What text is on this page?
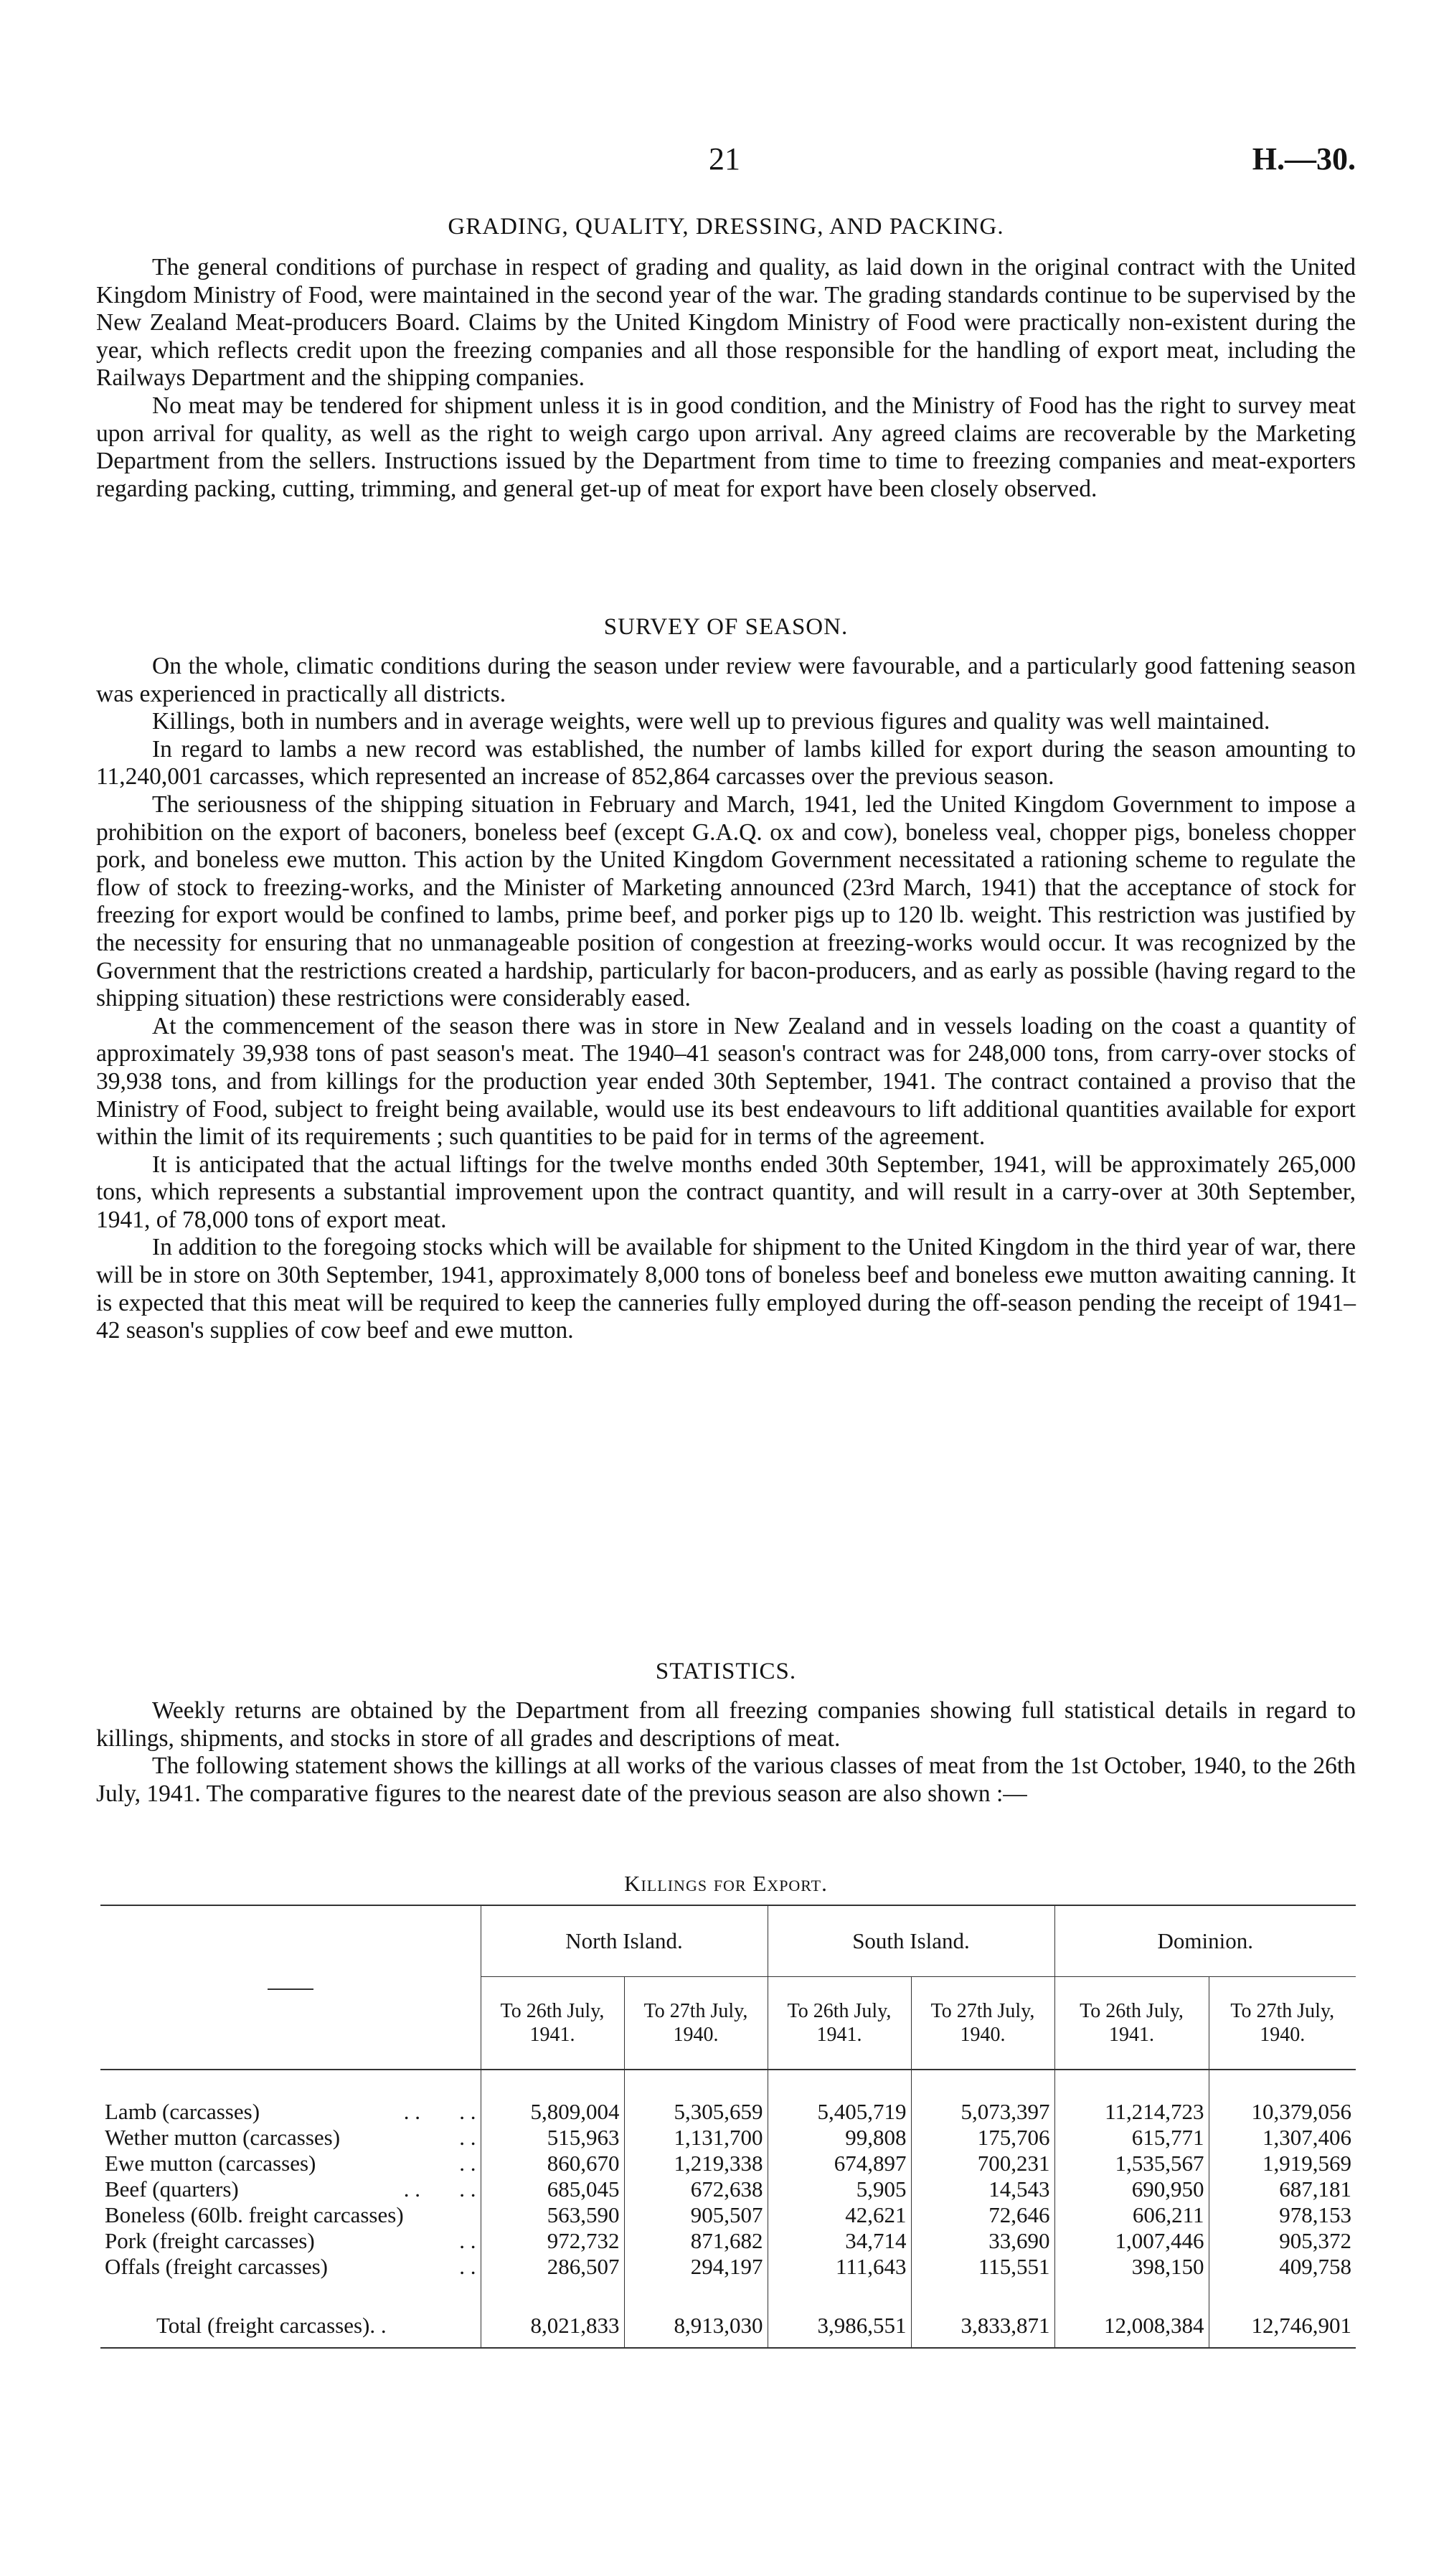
21	H.—30.
GRADING, QUALITY, DRESSING, AND PACKING.

The general conditions of purchase in respect of grading and quality, as laid down in the original contract with the United Kingdom Ministry of Food, were maintained in the second year of the war. The grading standards continue to be supervised by the New Zealand Meat-producers Board. Claims by the United Kingdom Ministry of Food were practically non-existent during the year, which reflects credit upon the freezing companies and all those responsible for the handling of export meat, including the Railways Department and the shipping companies.

No meat may be tendered for shipment unless it is in good condition, and the Ministry of Food has the right to survey meat upon arrival for quality, as well as the right to weigh cargo upon arrival. Any agreed claims are recoverable by the Marketing Department from the sellers. Instructions issued by the Department from time to time to freezing companies and meat-exporters regarding packing, cutting, trimming, and general get-up of meat for export have been closely observed.

SURVEY OF SEASON.

On the whole, climatic conditions during the season under review were favourable, and a particularly good fattening season was experienced in practically all districts.

Killings, both in numbers and in average weights, were well up to previous figures and quality was well maintained.

In regard to lambs a new record was established, the number of lambs killed for export during the season amounting to 11,240,001 carcasses, which represented an increase of 852,864 carcasses over the previous season.

The seriousness of the shipping situation in February and March, 1941, led the United Kingdom Government to impose a prohibition on the export of baconers, boneless beef (except G.A.Q. ox and cow), boneless veal, chopper pigs, boneless chopper pork, and boneless ewe mutton. This action by the United Kingdom Government necessitated a rationing scheme to regulate the flow of stock to freezing-works, and the Minister of Marketing announced (23rd March, 1941) that the acceptance of stock for freezing for export would be confined to lambs, prime beef, and porker pigs up to 120 lb. weight. This restriction was justified by the necessity for ensuring that no unmanageable position of congestion at freezing-works would occur. It was recognized by the Government that the restrictions created a hardship, particularly for bacon-producers, and as early as possible (having regard to the shipping situation) these restrictions were considerably eased.

At the commencement of the season there was in store in New Zealand and in vessels loading on the coast a quantity of approximately 39,938 tons of past season's meat. The 1940–41 season's contract was for 248,000 tons, from carry-over stocks of 39,938 tons, and from killings for the production year ended 30th September, 1941. The contract contained a proviso that the Ministry of Food, subject to freight being available, would use its best endeavours to lift additional quantities available for export within the limit of its requirements ; such quantities to be paid for in terms of the agreement.

It is anticipated that the actual liftings for the twelve months ended 30th September, 1941, will be approximately 265,000 tons, which represents a substantial improvement upon the contract quantity, and will result in a carry-over at 30th September, 1941, of 78,000 tons of export meat.

In addition to the foregoing stocks which will be available for shipment to the United Kingdom in the third year of war, there will be in store on 30th September, 1941, approximately 8,000 tons of boneless beef and boneless ewe mutton awaiting canning. It is expected that this meat will be required to keep the canneries fully employed during the off-season pending the receipt of 1941–42 season's supplies of cow beef and ewe mutton.

STATISTICS.

Weekly returns are obtained by the Department from all freezing companies showing full statistical details in regard to killings, shipments, and stocks in store of all grades and descriptions of meat.

The following statement shows the killings at all works of the various classes of meat from the 1st October, 1940, to the 26th July, 1941. The comparative figures to the nearest date of the previous season are also shown :—

Killings for Export.
	North Island.		South Island.		Dominion.	
	To 26th July, 1941.	To 27th July, 1940.	To 26th July, 1941.	To 27th July, 1940.	To 26th July, 1941.	To 27th July, 1940.

Lamb (carcasses) . .       . .	5,809,004	5,305,659	5,405,719	5,073,397	11,214,723	10,379,056
Wether mutton (carcasses) . .	515,963	1,131,700	99,808	175,706	615,771	1,307,406
Ewe mutton (carcasses) . .	860,670	1,219,338	674,897	700,231	1,535,567	1,919,569
Beef (quarters) . .       . .	685,045	672,638	5,905	14,543	690,950	687,181
Boneless (60lb. freight carcasses)	563,590	905,507	42,621	72,646	606,211	978,153
Pork (freight carcasses) . .	972,732	871,682	34,714	33,690	1,007,446	905,372
Offals (freight carcasses) . .	286,507	294,197	111,643	115,551	398,150	409,758

Total (freight carcasses). .	8,021,833	8,913,030	3,986,551	3,833,871	12,008,384	12,746,901
